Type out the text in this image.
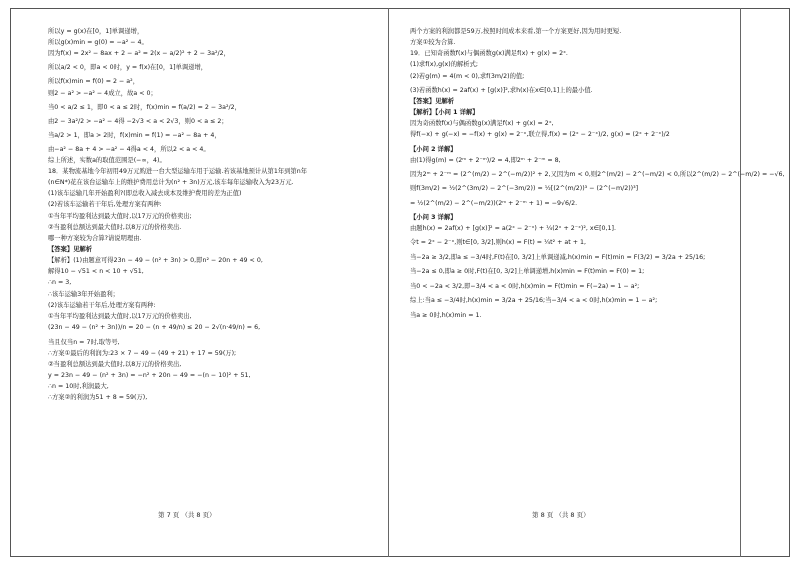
所以y = g(x)在[0，1]单调递增，

所以g(x)min = g(0) = −a² − 4。

因为f(x) = 2x² − 8ax + 2 − a² = 2(x − a/2)² + 2 − 3a²/2，

所以a/2 < 0，即a < 0时，y = f(x)在[0，1]单调递增，

所以f(x)min = f(0) = 2 − a²，

则2 − a² > −a² − 4成立，故a < 0；

当0 < a/2 ≤ 1，即0 < a ≤ 2时，f(x)min = f(a/2) = 2 − 3a²/2，

由2 − 3a²/2 > −a² − 4得 −2√3 < a < 2√3，则0 < a ≤ 2；

当a/2 > 1，即a > 2时，f(x)min = f(1) = −a² − 8a + 4，

由−a² − 8a + 4 > −a² − 4得a < 4，所以2 < a < 4。

综上所述，实数a的取值范围是(−∞，4)。

18．某物流基地今年初用49万元购进一台大型运输车用于运输.若该基地预计从第1年到第n年

(n∈N*)花在该台运输车上的维护费用总计为(n² + 3n)万元,该车每年运输收入为23万元.

(1)该车运输几年开始盈利?(即总收入减去成本及维护费用的差为正值)

(2)若该车运输若干年后,处理方案有两种:

①当年平均盈利达到最大值时,以17万元的价格卖出;

②当盈利总额达到最大值时,以8万元的价格卖出.

哪一种方案较为合算?请说明理由.

【答案】见解析

【解析】(1)由题意可得23n − 49 − (n² + 3n) > 0,即n² − 20n + 49 < 0,

解得10 − √51 < n < 10 + √51,

∴n = 3,

∴该车运输3年开始盈利；

(2)该车运输若干年后,处理方案有两种:

①当年平均盈利达到最大值时,以17万元的价格卖出,

(23n − 49 − (n² + 3n))/n = 20 − (n + 49/n) ≤ 20 − 2√(n·49/n) = 6,

当且仅当n = 7时,取等号,

∴方案①最后的利润为:23 × 7 − 49 − (49 + 21) + 17 = 59(万);

②当盈利总额达到最大值时,以8万元的价格卖出,

y = 23n − 49 − (n² + 3n) = −n² + 20n − 49 = −(n − 10)² + 51,

∴n = 10时,利润最大,

∴方案②的利润为51 + 8 = 59(万),

两个方案的利润都是59万,按照时间成本来看,第一个方案更好,因为用时更短.

方案①较为合算.

19．已知奇函数f(x)与偶函数g(x)满足f(x) + g(x) = 2ˣ.

(1)求f(x),g(x)的解析式;

(2)若g(m) = 4(m < 0),求f(3m/2)的值;

(3)若函数h(x) = 2af(x) + [g(x)]²,求h(x)在x∈[0,1]上的最小值.

【答案】见解析

【解析】【小问 1 详解】

因为奇函数f(x)与偶函数g(x)满足f(x) + g(x) = 2ˣ,

得f(−x) + g(−x) = −f(x) + g(x) = 2⁻ˣ,联立得,f(x) = (2ˣ − 2⁻ˣ)/2, g(x) = (2ˣ + 2⁻ˣ)/2

【小问 2 详解】

由(1)得g(m) = (2ᵐ + 2⁻ᵐ)/2 = 4,即2ᵐ + 2⁻ᵐ = 8,

因为2ᵐ + 2⁻ᵐ = (2^(m/2) − 2^(−m/2))² + 2,又因为m < 0,则2^(m/2) − 2^(−m/2) < 0,所以2^(m/2) − 2^(−m/2) = −√6,

则f(3m/2) = ½(2^(3m/2) − 2^(−3m/2)) = ½[(2^(m/2))³ − (2^(−m/2))³]

= ½(2^(m/2) − 2^(−m/2))(2ᵐ + 2⁻ᵐ + 1) = −9√6/2.

【小问 3 详解】

由题h(x) = 2af(x) + [g(x)]² = a(2ˣ − 2⁻ˣ) + ¼(2ˣ + 2⁻ˣ)², x∈[0,1].

令t = 2ˣ − 2⁻ˣ,则t∈[0, 3/2],则h(x) = F(t) = ¼t² + at + 1,

当−2a ≥ 3/2,即a ≤ −3/4时,F(t)在[0, 3/2]上单调递减,h(x)min = F(t)min = F(3/2) = 3/2a + 25/16;

当−2a ≤ 0,即a ≥ 0时,F(t)在[0, 3/2]上单调递增,h(x)min = F(t)min = F(0) = 1;

当0 < −2a < 3/2,即−3/4 < a < 0时,h(x)min = F(t)min = F(−2a) = 1 − a²;

综上:当a ≤ −3/4时,h(x)min = 3/2a + 25/16;当−3/4 < a < 0时,h(x)min = 1 − a²;

当a ≥ 0时,h(x)min = 1.

第 7 页 （共 8 页）	第 8 页 （共 8 页）
